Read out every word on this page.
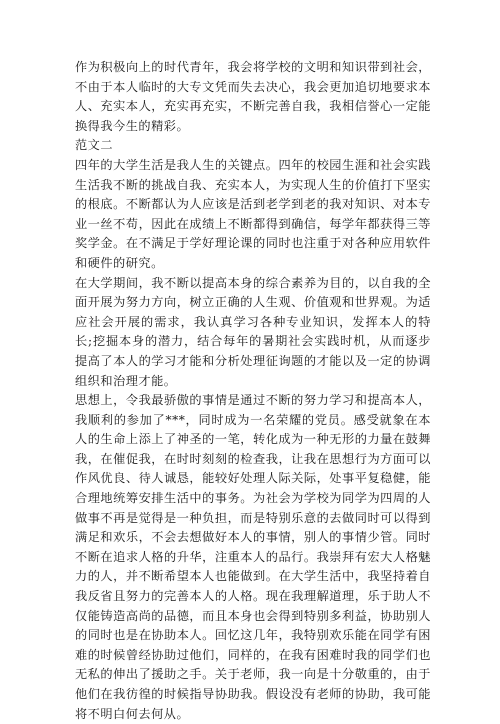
作为积极向上的时代青年，我会将学校的文明和知识带到社会，不由于本人临时的大专文凭而失去决心，我会更加追切地要求本人、充实本人，充实再充实，不断完善自我，我相信誉心一定能换得我今生的精彩。

范文二

四年的大学生活是我人生的关键点。四年的校园生涯和社会实践生活我不断的挑战自我、充实本人，为实现人生的价值打下坚实的根底。不断都认为人应该是活到老学到老的我对知识、对本专业一丝不苟，因此在成绩上不断都得到确信，每学年都获得三等奖学金。在不满足于学好理论课的同时也注重于对各种应用软件和硬件的研究。

在大学期间，我不断以提高本身的综合素养为目的，以自我的全面开展为努力方向，树立正确的人生观、价值观和世界观。为适应社会开展的需求，我认真学习各种专业知识，发挥本人的特长;挖掘本身的潜力，结合每年的暑期社会实践时机，从而逐步提高了本人的学习才能和分析处理征询题的才能以及一定的协调组织和治理才能。

思想上，令我最骄傲的事情是通过不断的努力学习和提高本人，我顺利的参加了***，同时成为一名荣耀的党员。感受就象在本人的生命上添上了神圣的一笔，转化成为一种无形的力量在鼓舞我，在催促我，在时时刻刻的检查我，让我在思想行为方面可以作风优良、待人诚恳，能较好处理人际关际，处事平复稳健，能合理地统筹安排生活中的事务。为社会为学校为同学为四周的人做事不再是觉得是一种负担，而是特别乐意的去做同时可以得到满足和欢乐，不会去想做好本人的事情，别人的事情少管。同时不断在追求人格的升华，注重本人的品行。我崇拜有宏大人格魅力的人，并不断希望本人也能做到。在大学生活中，我坚持着自我反省且努力的完善本人的人格。现在我理解道理，乐于助人不仅能铸造高尚的品德，而且本身也会得到特别多利益，协助别人的同时也是在协助本人。回忆这几年，我特别欢乐能在同学有困难的时候曾经协助过他们，同样的，在我有困难时我的同学们也无私的伸出了援助之手。关于老师，我一向是十分敬重的，由于他们在我彷徨的时候指导协助我。假设没有老师的协助，我可能将不明白何去何从。
